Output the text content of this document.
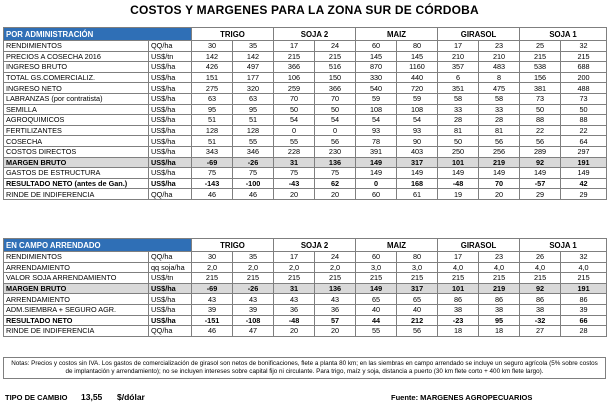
COSTOS Y MARGENES PARA LA ZONA SUR DE CÓRDOBA
POR ADMINISTRACIÓN		TRIGO		SOJA 2		MAIZ		GIRASOL		SOJA 1	
RENDIMIENTOS	QQ/ha	30	35	17	24	60	80	17	23	25	32
PRECIOS A COSECHA 2016	US$/tn	142	142	215	215	145	145	210	210	215	215
INGRESO BRUTO	US$/ha	426	497	366	516	870	1160	357	483	538	688
TOTAL GS.COMERCIALIZ.	US$/ha	151	177	106	150	330	440	6	8	156	200
INGRESO NETO	US$/ha	275	320	259	366	540	720	351	475	381	488
LABRANZAS (por contratista)	US$/ha	63	63	70	70	59	59	58	58	73	73
SEMILLA	US$/ha	95	95	50	50	108	108	33	33	50	50
AGROQUIMICOS	US$/ha	51	51	54	54	54	54	28	28	88	88
FERTILIZANTES	US$/ha	128	128	0	0	93	93	81	81	22	22
COSECHA	US$/ha	51	55	55	56	78	90	50	56	56	64
COSTOS DIRECTOS	US$/ha	343	346	228	230	391	403	250	256	289	297
MARGEN BRUTO	US$/ha	-69	-26	31	136	149	317	101	219	92	191
GASTOS DE ESTRUCTURA	US$/ha	75	75	75	75	149	149	149	149	149	149
RESULTADO NETO (antes de Gan.)	US$/ha	-143	-100	-43	62	0	168	-48	70	-57	42
RINDE DE INDIFERENCIA	QQ/ha	46	46	20	20	60	61	19	20	29	29
EN CAMPO ARRENDADO		TRIGO		SOJA 2		MAIZ		GIRASOL		SOJA 1	
RENDIMIENTOS	QQ/ha	30	35	17	24	60	80	17	23	26	32
ARRENDAMIENTO	qq soja/ha	2,0	2,0	2,0	2,0	3,0	3,0	4,0	4,0	4,0	4,0
VALOR SOJA ARRENDAMIENTO	US$/tn	215	215	215	215	215	215	215	215	215	215
MARGEN BRUTO	US$/ha	-69	-26	31	136	149	317	101	219	92	191
ARRENDAMIENTO	US$/ha	43	43	43	43	65	65	86	86	86	86
ADM.SIEMBRA + SEGURO AGR.	US$/ha	39	39	36	36	40	40	38	38	38	39
RESULTADO NETO	US$/ha	-151	-108	-48	57	44	212	-23	95	-32	66
RINDE DE INDIFERENCIA	QQ/ha	46	47	20	20	55	56	18	18	27	28
Notas: Precios y costos sin IVA. Los gastos de comercialización de girasol son netos de bonificaciones, flete a planta 80 km; en las siembras en campo arrendado se incluye un seguro agrícola (5% sobre costos de implantación y arrendamiento); no se incluyen intereses sobre capital fijo ni circulante. Para trigo, maíz y soja, distancia a puerto (30 km flete corto + 400 km flete largo).
TIPO DE CAMBIO 13,55 $/dólar	Fuente: MARGENES AGROPECUARIOS
